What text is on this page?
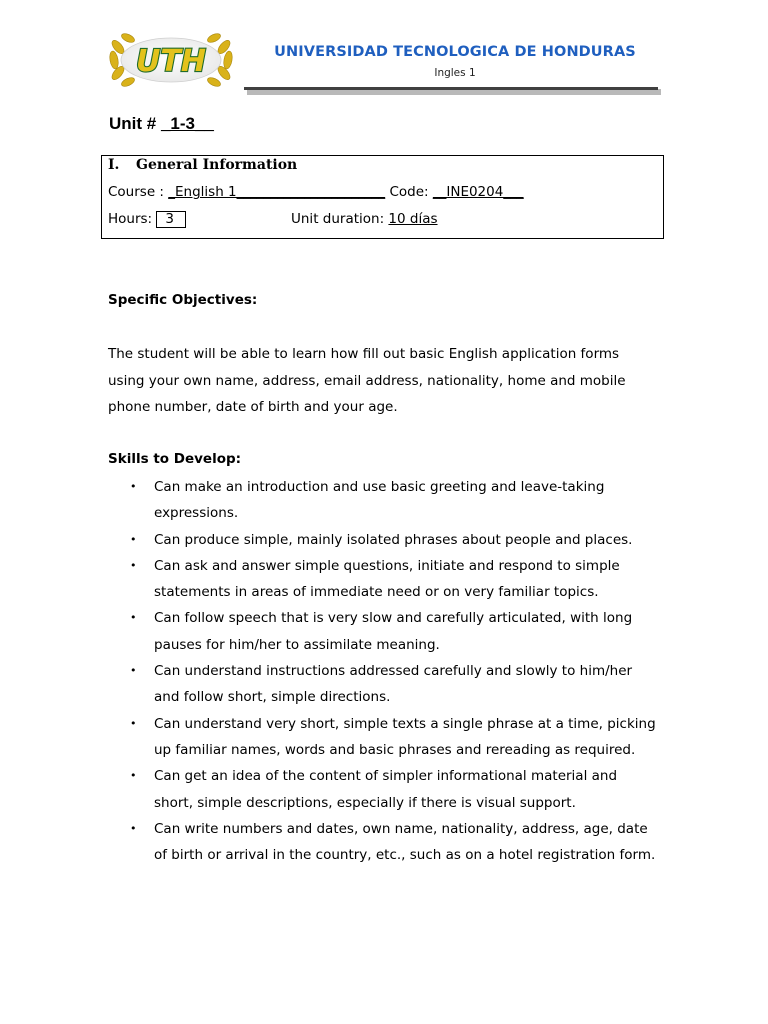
UTH	UNIVERSIDAD TECNOLOGICA DE HONDURAS
Ingles 1
Unit # _1-3__
I. General Information
Course : _English 1______________________ Code: __INE0204___
Hours: 3	Unit duration: 10 días
Specific Objectives:
The student will be able to learn how fill out basic English application forms using your own name, address, email address, nationality, home and mobile phone number, date of birth and your age.
Skills to Develop:
• Can make an introduction and use basic greeting and leave-taking expressions.
• Can produce simple, mainly isolated phrases about people and places.
• Can ask and answer simple questions, initiate and respond to simple statements in areas of immediate need or on very familiar topics.
• Can follow speech that is very slow and carefully articulated, with long pauses for him/her to assimilate meaning.
• Can understand instructions addressed carefully and slowly to him/her and follow short, simple directions.
• Can understand very short, simple texts a single phrase at a time, picking up familiar names, words and basic phrases and rereading as required.
• Can get an idea of the content of simpler informational material and short, simple descriptions, especially if there is visual support.
• Can write numbers and dates, own name, nationality, address, age, date of birth or arrival in the country, etc., such as on a hotel registration form.
